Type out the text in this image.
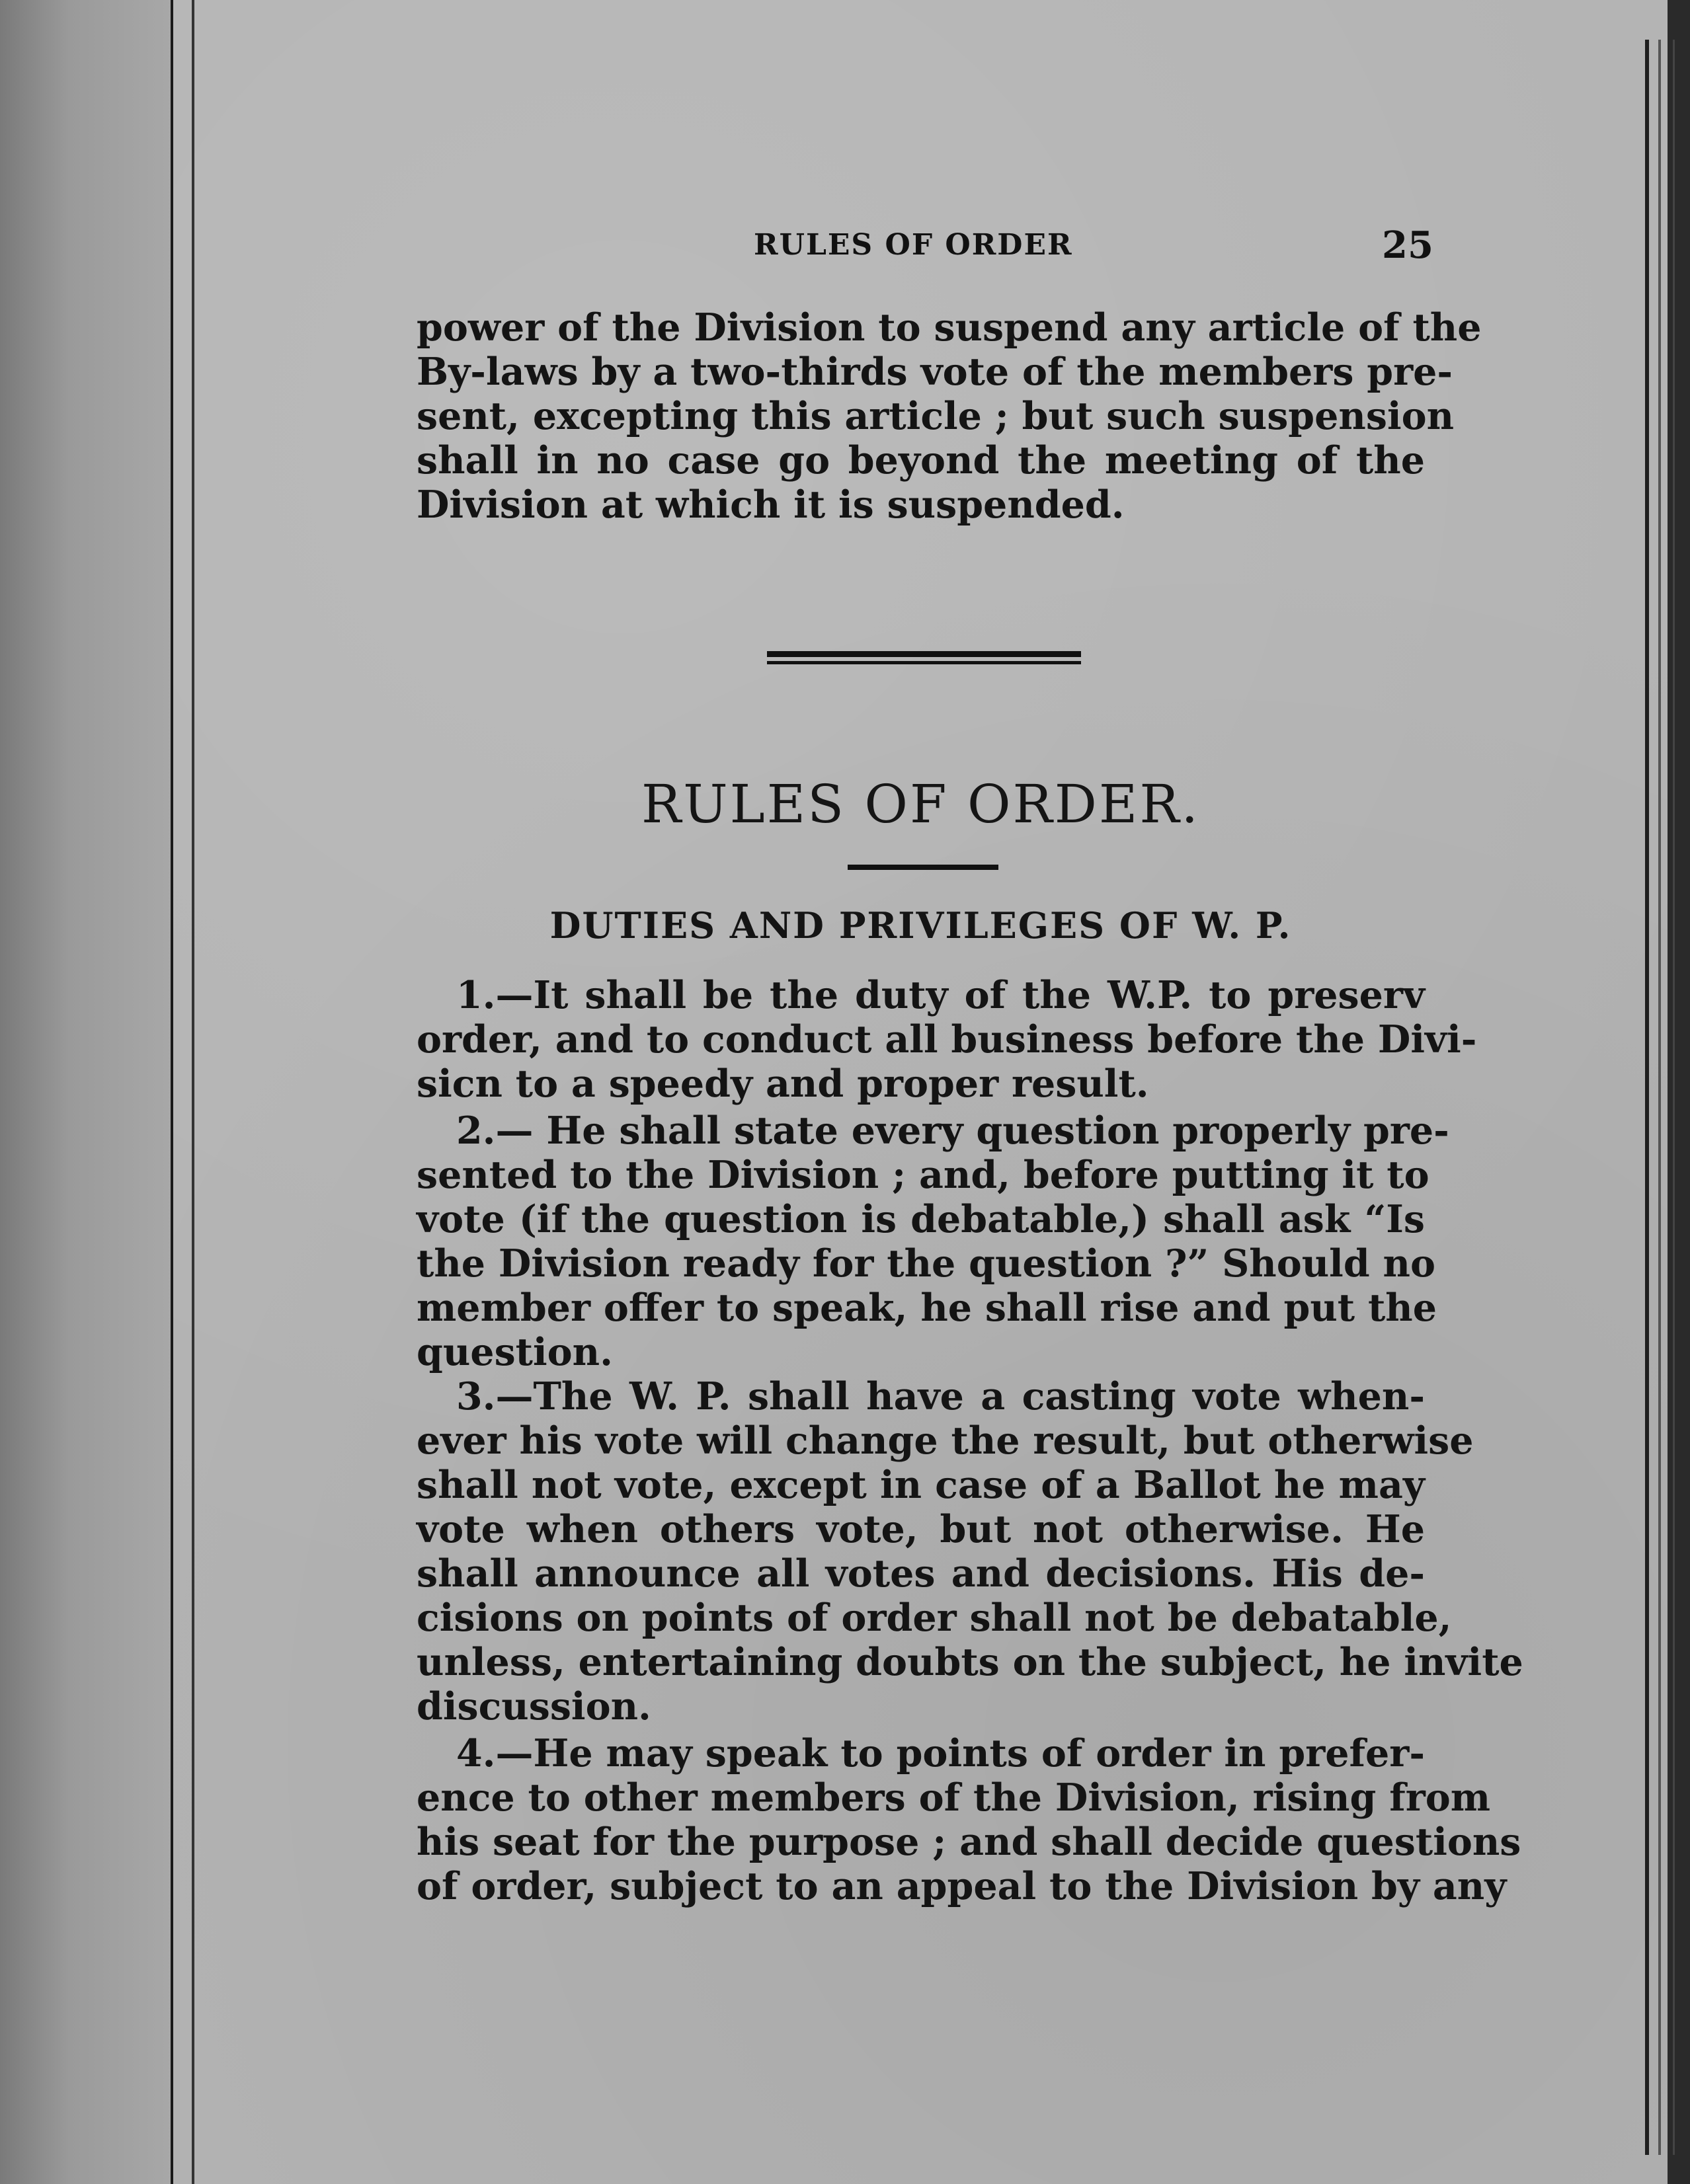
RULES OF ORDER	25
power of the Division to suspend any article of the
By-laws by a two-thirds vote of the members pre-
sent, excepting this article ; but such suspension
shall in no case go beyond the meeting of the
Division at which it is suspended.
RULES OF ORDER.
DUTIES AND PRIVILEGES OF W. P.
1.—It shall be the duty of the W.P. to preserv
order, and to conduct all business before the Divi-
sicn to a speedy and proper result.
2.— He shall state every question properly pre-
sented to the Division ; and, before putting it to
vote (if the question is debatable,) shall ask “Is
the Division ready for the question ?” Should no
member offer to speak, he shall rise and put the
question.
3.—The W. P. shall have a casting vote when-
ever his vote will change the result, but otherwise
shall not vote, except in case of a Ballot he may
vote when others vote, but not otherwise. He
shall announce all votes and decisions. His de-
cisions on points of order shall not be debatable,
unless, entertaining doubts on the subject, he invite
discussion.
4.—He may speak to points of order in prefer-
ence to other members of the Division, rising from
his seat for the purpose ; and shall decide questions
of order, subject to an appeal to the Division by any
